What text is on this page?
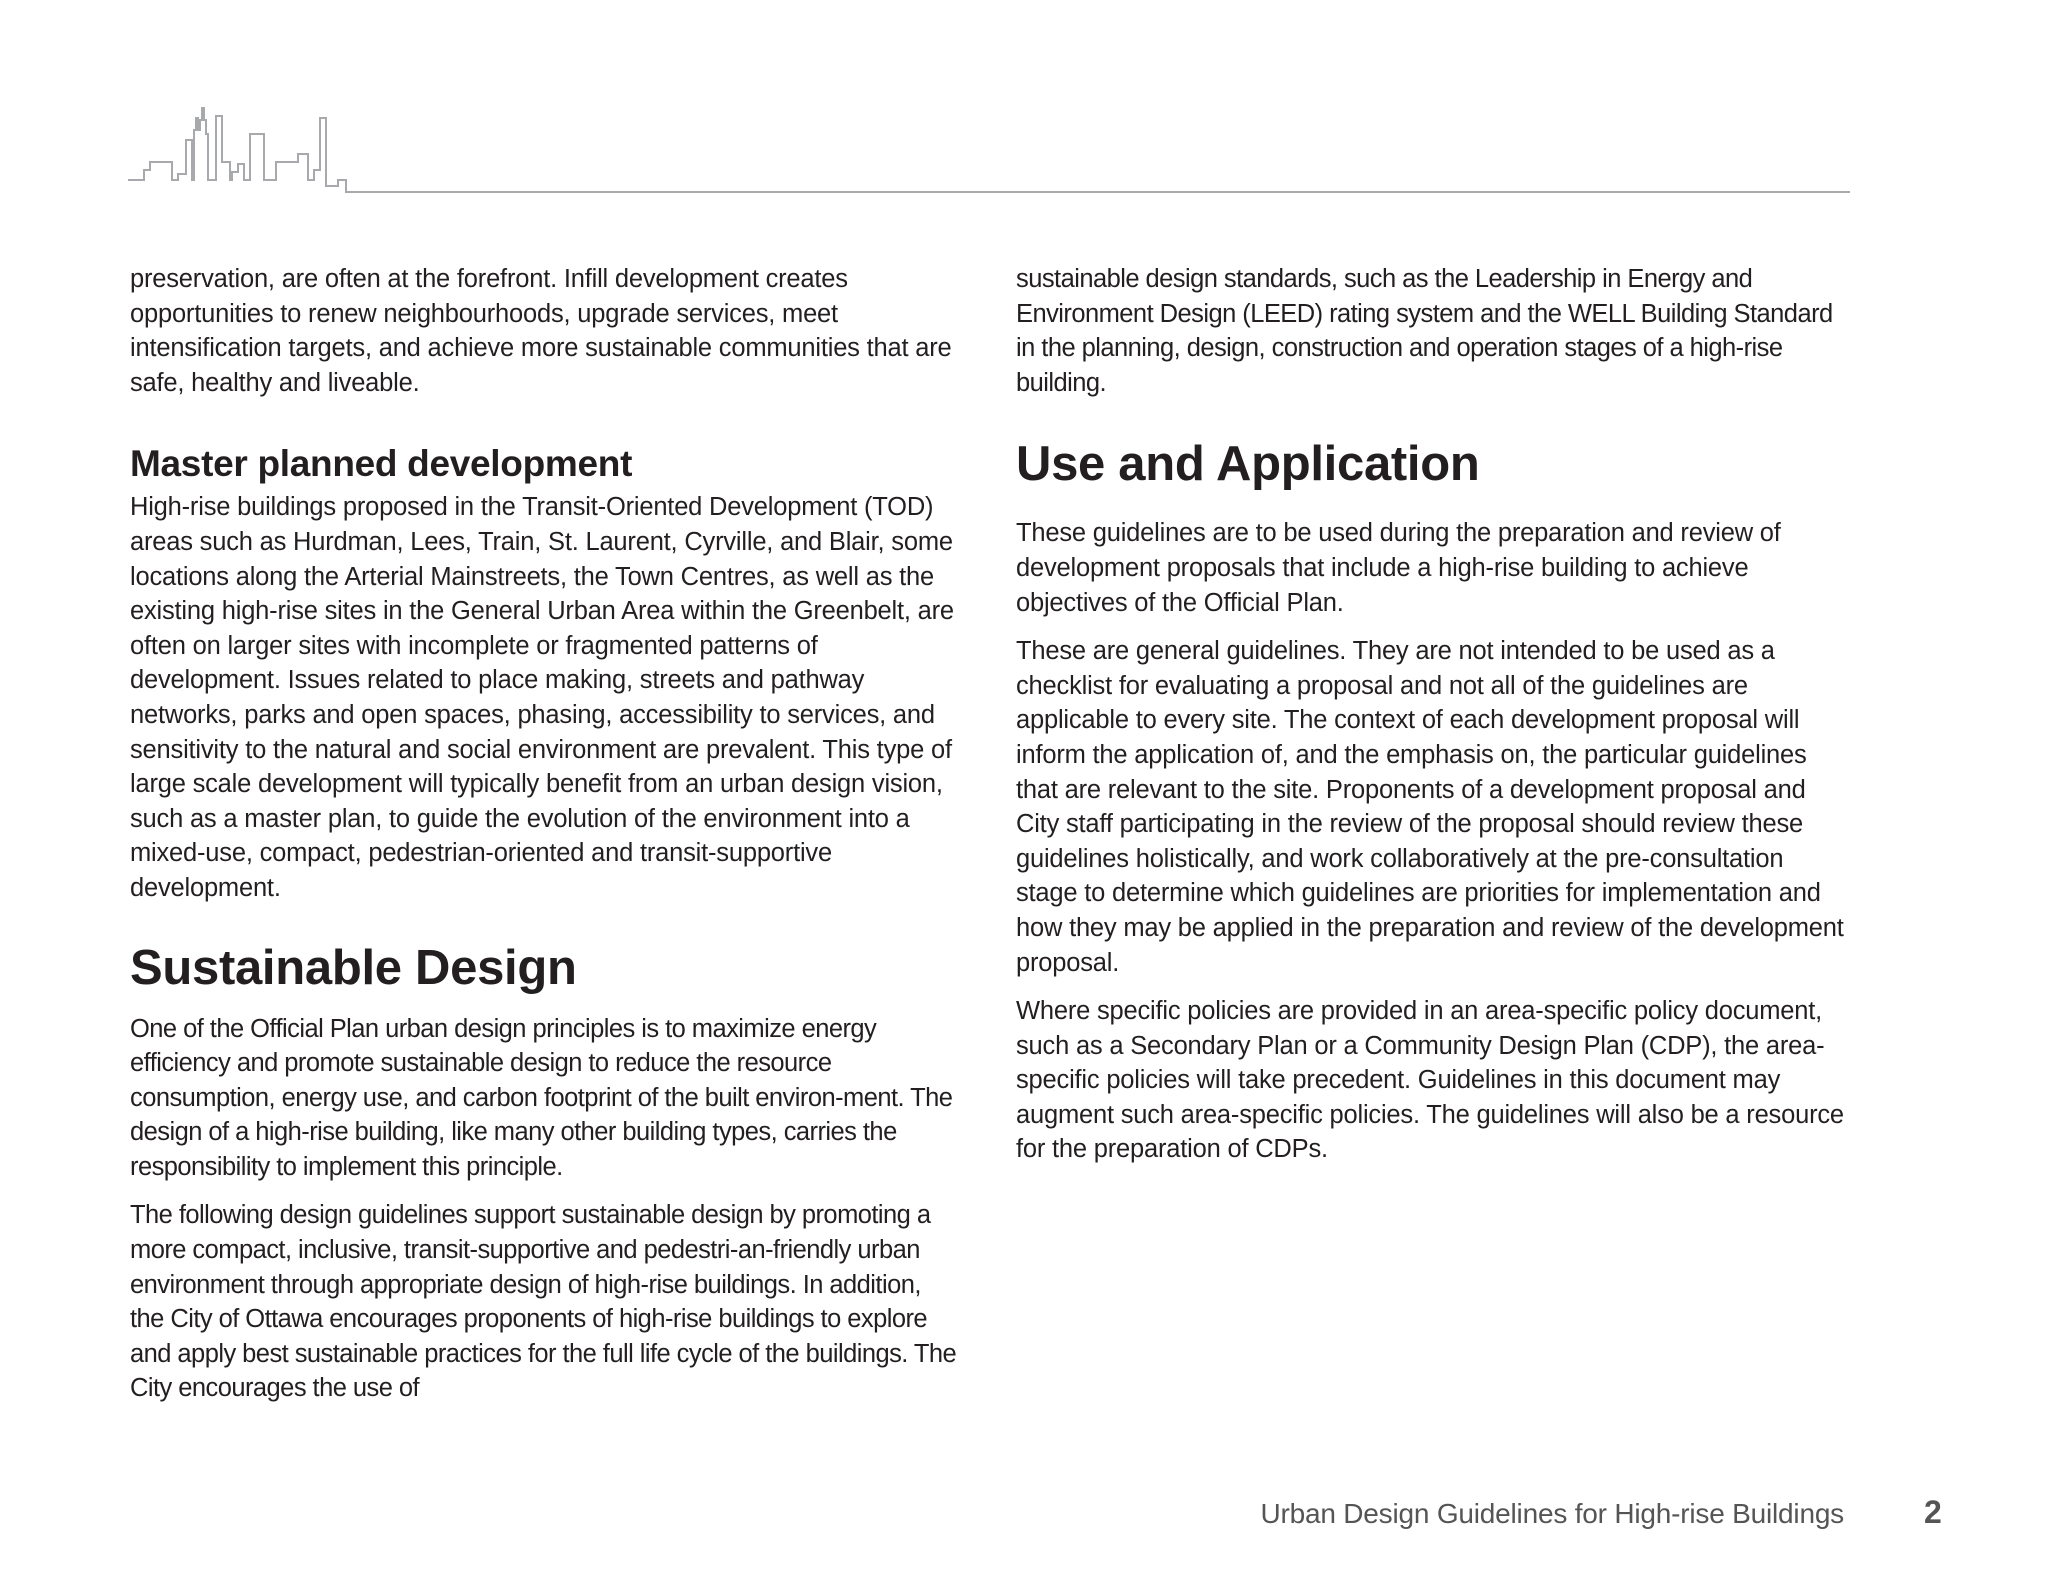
preservation, are often at the forefront. Infill development creates opportunities to renew neighbourhoods, upgrade services, meet intensification targets, and achieve more sustainable communities that are safe, healthy and liveable.

Master planned development

High-rise buildings proposed in the Transit-Oriented Development (TOD) areas such as Hurdman, Lees, Train, St. Laurent, Cyrville, and Blair, some locations along the Arterial Mainstreets, the Town Centres, as well as the existing high-rise sites in the General Urban Area within the Greenbelt, are often on larger sites with incomplete or fragmented patterns of development. Issues related to place making, streets and pathway networks, parks and open spaces, phasing, accessibility to services, and sensitivity to the natural and social environment are prevalent. This type of large scale development will typically benefit from an urban design vision, such as a master plan, to guide the evolution of the environment into a mixed-use, compact, pedestrian-oriented and transit-supportive development.

Sustainable Design

One of the Official Plan urban design principles is to maximize energy efficiency and promote sustainable design to reduce the resource consumption, energy use, and carbon footprint of the built environ-ment. The design of a high-rise building, like many other building types, carries the responsibility to implement this principle.

The following design guidelines support sustainable design by promoting a more compact, inclusive, transit-supportive and pedestri-an-friendly urban environment through appropriate design of high-rise buildings. In addition, the City of Ottawa encourages proponents of high-rise buildings to explore and apply best sustainable practices for the full life cycle of the buildings. The City encourages the use of

sustainable design standards, such as the Leadership in Energy and Environment Design (LEED) rating system and the WELL Building Standard in the planning, design, construction and operation stages of a high-rise building.

Use and Application

These guidelines are to be used during the preparation and review of development proposals that include a high-rise building to achieve objectives of the Official Plan.

These are general guidelines. They are not intended to be used as a checklist for evaluating a proposal and not all of the guidelines are applicable to every site. The context of each development proposal will inform the application of, and the emphasis on, the particular guidelines that are relevant to the site. Proponents of a development proposal and City staff participating in the review of the proposal should review these guidelines holistically, and work collaboratively at the pre-consultation stage to determine which guidelines are priorities for implementation and how they may be applied in the preparation and review of the development proposal.

Where specific policies are provided in an area-specific policy document, such as a Secondary Plan or a Community Design Plan (CDP), the area-specific policies will take precedent. Guidelines in this document may augment such area-specific policies. The guidelines will also be a resource for the preparation of CDPs.

Urban Design Guidelines for High-rise Buildings	2
